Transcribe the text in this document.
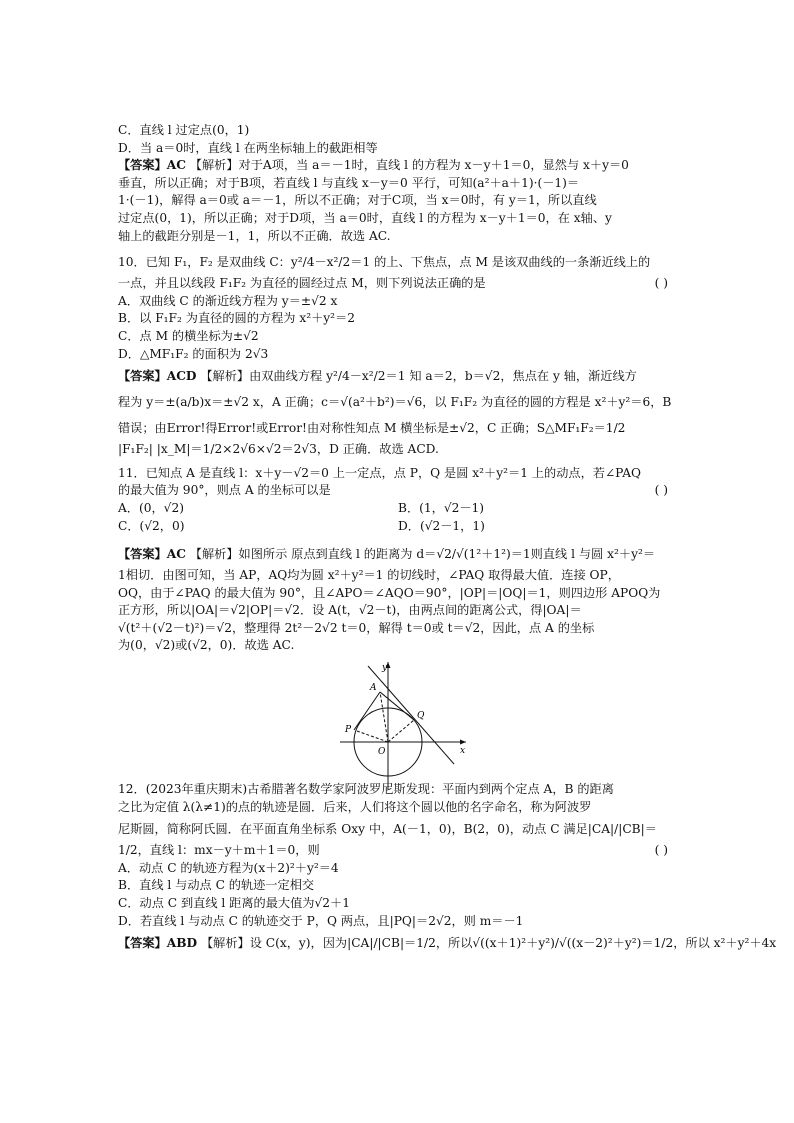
C．直线 l 过定点(0，1)
D．当 a＝0时，直线 l 在两坐标轴上的截距相等
【答案】AC 【解析】对于A项，当 a＝－1时，直线 l 的方程为 x－y＋1＝0，显然与 x＋y＝0
垂直，所以正确；对于B项，若直线 l 与直线 x－y＝0 平行，可知(a²＋a＋1)·(－1)＝
1·(－1)，解得 a＝0或 a＝－1，所以不正确；对于C项，当 x＝0时，有 y＝1，所以直线
过定点(0，1)，所以正确；对于D项，当 a＝0时，直线 l 的方程为 x－y＋1＝0，在 x轴、y
轴上的截距分别是－1，1，所以不正确．故选 AC.
10．已知 F₁，F₂ 是双曲线 C：y²/4－x²/2＝1 的上、下焦点，点 M 是该双曲线的一条渐近线上的
一点，并且以线段 F₁F₂ 为直径的圆经过点 M，则下列说法正确的是	( )
A．双曲线 C 的渐近线方程为 y＝±√2 x
B．以 F₁F₂ 为直径的圆的方程为 x²＋y²＝2
C．点 M 的横坐标为±√2
D．△MF₁F₂ 的面积为 2√3
【答案】ACD 【解析】由双曲线方程 y²/4－x²/2＝1 知 a＝2，b＝√2，焦点在 y 轴，渐近线方
程为 y＝±(a/b)x＝±√2 x，A 正确；c＝√(a²＋b²)＝√6，以 F₁F₂ 为直径的圆的方程是 x²＋y²＝6，B
错误；由Error!得Error!或Error!由对称性知点 M 横坐标是±√2，C 正确；S△MF₁F₂＝1/2
|F₁F₂| |x_M|＝1/2×2√6×√2＝2√3，D 正确．故选 ACD.
11．已知点 A 是直线 l：x＋y－√2＝0 上一定点，点 P，Q 是圆 x²＋y²＝1 上的动点，若∠PAQ
的最大值为 90°，则点 A 的坐标可以是	( )
A．(0，√2)	B．(1，√2－1)
C．(√2，0)	D．(√2－1，1)
【答案】AC 【解析】如图所示 原点到直线 l 的距离为 d＝√2/√(1²＋1²)＝1则直线 l 与圆 x²＋y²＝
1相切．由图可知，当 AP，AQ均为圆 x²＋y²＝1 的切线时，∠PAQ 取得最大值．连接 OP，
OQ，由于∠PAQ 的最大值为 90°，且∠APO＝∠AQO＝90°，|OP|＝|OQ|＝1，则四边形 APOQ为
正方形，所以|OA|＝√2|OP|＝√2．设 A(t，√2－t)，由两点间的距离公式，得|OA|＝
√(t²＋(√2－t)²)＝√2，整理得 2t²－2√2 t＝0，解得 t＝0或 t＝√2，因此，点 A 的坐标
为(0，√2)或(√2，0)．故选 AC.
12．(2023年重庆期末)古希腊著名数学家阿波罗尼斯发现：平面内到两个定点 A，B 的距离
之比为定值 λ(λ≠1)的点的轨迹是圆．后来，人们将这个圆以他的名字命名，称为阿波罗
尼斯圆，简称阿氏圆．在平面直角坐标系 Oxy 中，A(－1，0)，B(2，0)，动点 C 满足|CA|/|CB|＝
1/2，直线 l：mx－y＋m＋1＝0，则	( )
A．动点 C 的轨迹方程为(x＋2)²＋y²＝4
B．直线 l 与动点 C 的轨迹一定相交
C．动点 C 到直线 l 距离的最大值为√2＋1
D．若直线 l 与动点 C 的轨迹交于 P，Q 两点，且|PQ|＝2√2，则 m＝－1
【答案】ABD 【解析】设 C(x，y)，因为|CA|/|CB|＝1/2，所以√((x＋1)²＋y²)/√((x－2)²＋y²)＝1/2，所以 x²＋y²＋4x
y
x
A
P
Q
O
